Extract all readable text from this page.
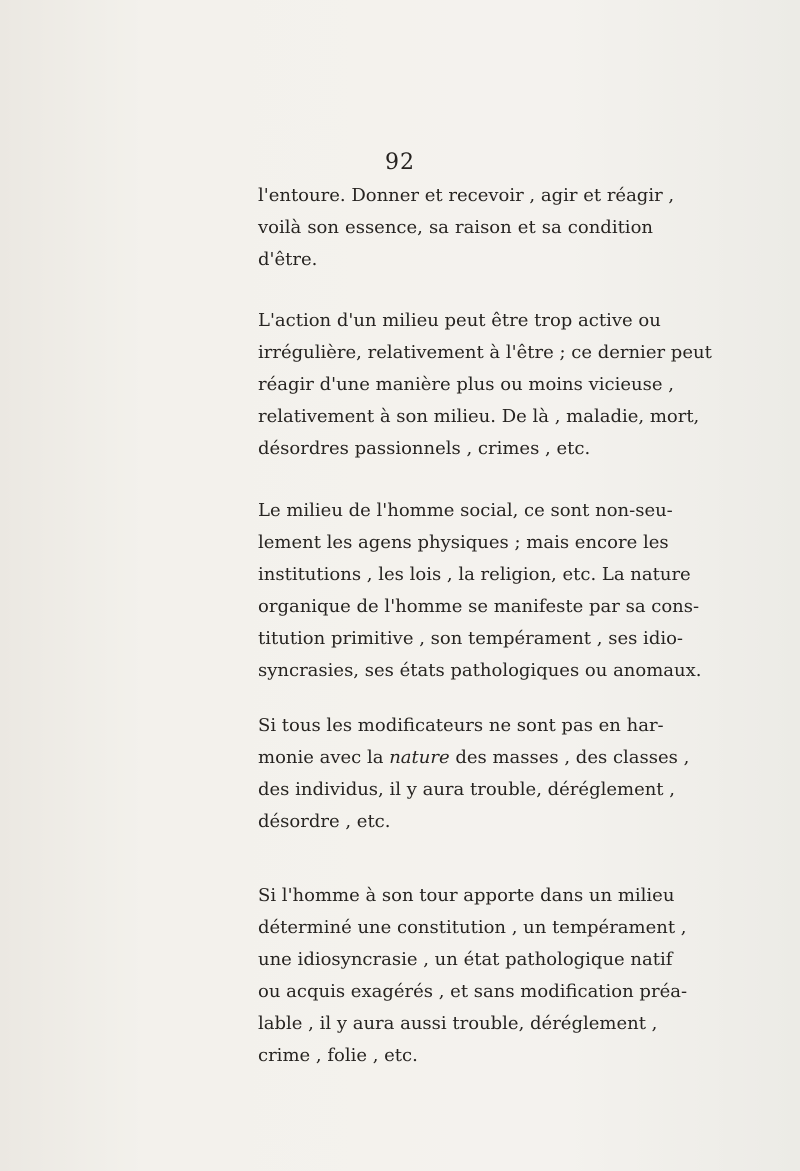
92
l'entoure. Donner et recevoir , agir et réagir ,
voilà son essence, sa raison et sa condition
d'être.
L'action d'un milieu peut être trop active ou
irrégulière, relativement à l'être ; ce dernier peut
réagir d'une manière plus ou moins vicieuse ,
relativement à son milieu. De là , maladie, mort,
désordres passionnels , crimes , etc.
Le milieu de l'homme social, ce sont non-seu-
lement les agens physiques ; mais encore les
institutions , les lois , la religion, etc. La nature
organique de l'homme se manifeste par sa cons-
titution primitive , son tempérament , ses idio-
syncrasies, ses états pathologiques ou anomaux.
Si tous les modificateurs ne sont pas en har-
monie avec la nature des masses , des classes ,
des individus, il y aura trouble, déréglement ,
désordre , etc.
Si l'homme à son tour apporte dans un milieu
déterminé une constitution , un tempérament ,
une idiosyncrasie , un état pathologique natif
ou acquis exagérés , et sans modification préa-
lable , il y aura aussi trouble, déréglement ,
crime , folie , etc.
